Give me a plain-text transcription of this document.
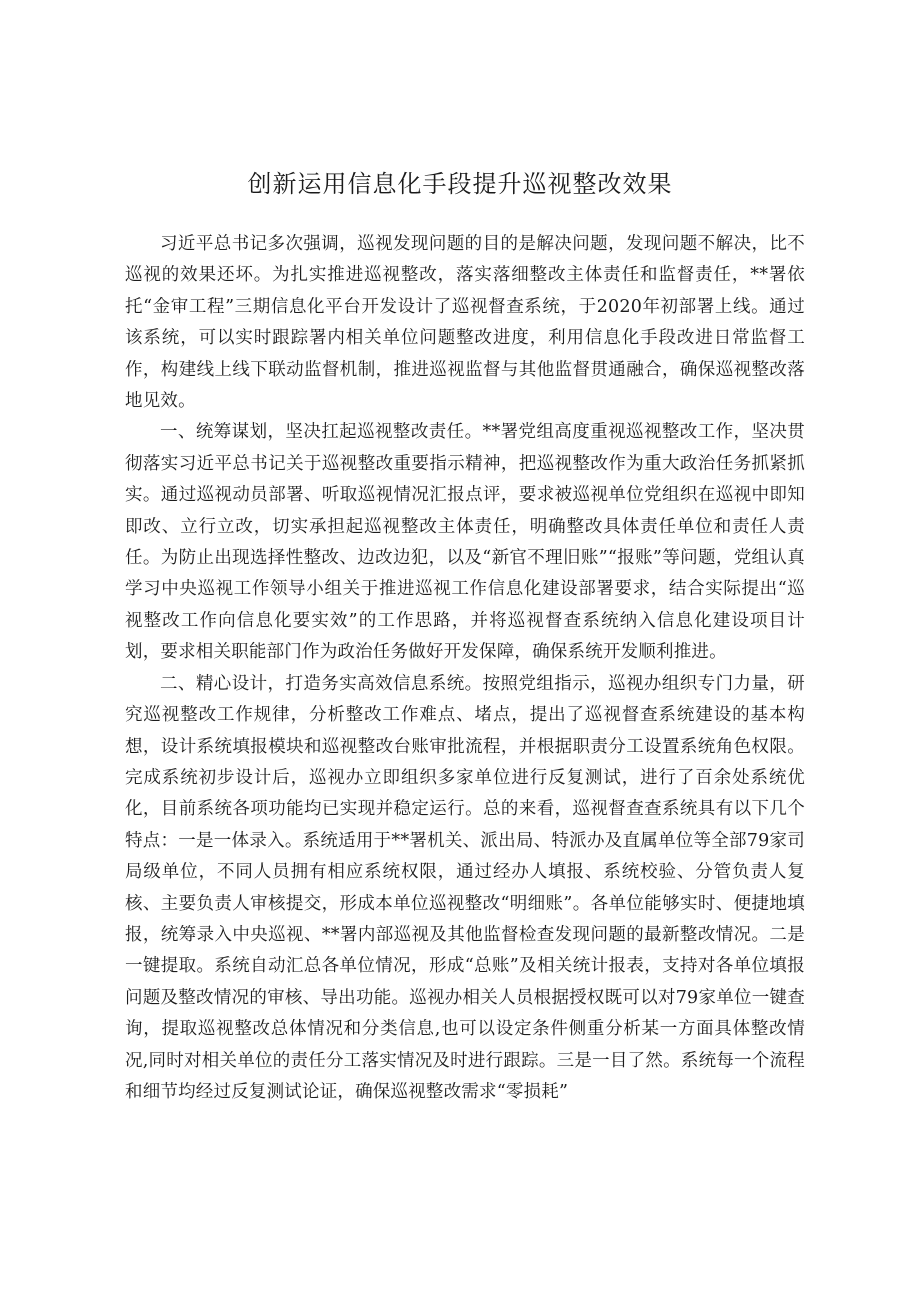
创新运用信息化手段提升巡视整改效果

习近平总书记多次强调，巡视发现问题的目的是解决问题，发现问题不解决，比不巡视的效果还坏。为扎实推进巡视整改，落实落细整改主体责任和监督责任，**署依托“金审工程”三期信息化平台开发设计了巡视督查系统，于2020年初部署上线。通过该系统，可以实时跟踪署内相关单位问题整改进度，利用信息化手段改进日常监督工作，构建线上线下联动监督机制，推进巡视监督与其他监督贯通融合，确保巡视整改落地见效。

一、统筹谋划，坚决扛起巡视整改责任。**署党组高度重视巡视整改工作，坚决贯彻落实习近平总书记关于巡视整改重要指示精神，把巡视整改作为重大政治任务抓紧抓实。通过巡视动员部署、听取巡视情况汇报点评，要求被巡视单位党组织在巡视中即知即改、立行立改，切实承担起巡视整改主体责任，明确整改具体责任单位和责任人责任。为防止出现选择性整改、边改边犯，以及“新官不理旧账”“报账”等问题，党组认真学习中央巡视工作领导小组关于推进巡视工作信息化建设部署要求，结合实际提出“巡视整改工作向信息化要实效”的工作思路，并将巡视督查系统纳入信息化建设项目计划，要求相关职能部门作为政治任务做好开发保障，确保系统开发顺利推进。

二、精心设计，打造务实高效信息系统。按照党组指示，巡视办组织专门力量，研究巡视整改工作规律，分析整改工作难点、堵点，提出了巡视督查系统建设的基本构想，设计系统填报模块和巡视整改台账审批流程，并根据职责分工设置系统角色权限。完成系统初步设计后，巡视办立即组织多家单位进行反复测试，进行了百余处系统优化，目前系统各项功能均已实现并稳定运行。总的来看，巡视督查查系统具有以下几个特点：一是一体录入。系统适用于**署机关、派出局、特派办及直属单位等全部79家司局级单位，不同人员拥有相应系统权限，通过经办人填报、系统校验、分管负责人复核、主要负责人审核提交，形成本单位巡视整改“明细账”。各单位能够实时、便捷地填报，统筹录入中央巡视、**署内部巡视及其他监督检查发现问题的最新整改情况。二是一键提取。系统自动汇总各单位情况，形成“总账”及相关统计报表，支持对各单位填报问题及整改情况的审核、导出功能。巡视办相关人员根据授权既可以对79家单位一键查询，提取巡视整改总体情况和分类信息,也可以设定条件侧重分析某一方面具体整改情况,同时对相关单位的责任分工落实情况及时进行跟踪。三是一目了然。系统每一个流程和细节均经过反复测试论证，确保巡视整改需求“零损耗”
